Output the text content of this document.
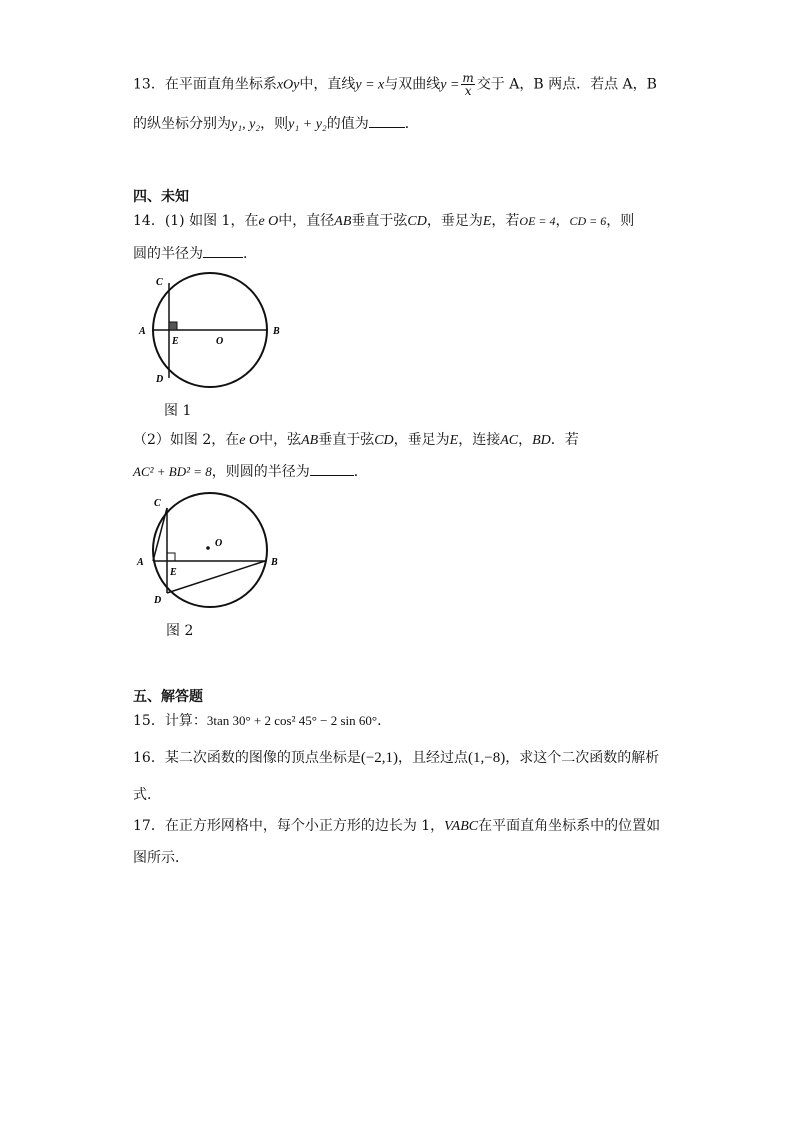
13．在平面直角坐标系xOy中，直线y = x与双曲线$y = \frac{m}{x}$ 交于 A，B 两点．若点 A，B
的纵坐标分别为y₁, y₂，则y₁ + y₂的值为	．
四、未知
14．(1) 如图 1，在e O中，直径AB垂直于弦CD，垂足为E，若OE = 4，CD = 6，则
圆的半径为	．
C
A
E	O
B
D
图 1
（2）如图 2，在e O中，弦AB垂直于弦CD，垂足为E，连接AC，BD．若
AC² + BD² = 8，则圆的半径为	．
C
A
E
O
B
D
图 2
五、解答题
15．计算：3tan 30° + 2 cos² 45° − 2 sin 60°．
16．某二次函数的图像的顶点坐标是(−2,1)，且经过点(1,−8)，求这个二次函数的解析
式．
17．在正方形网格中，每个小正方形的边长为 1，VABC在平面直角坐标系中的位置如
图所示．
